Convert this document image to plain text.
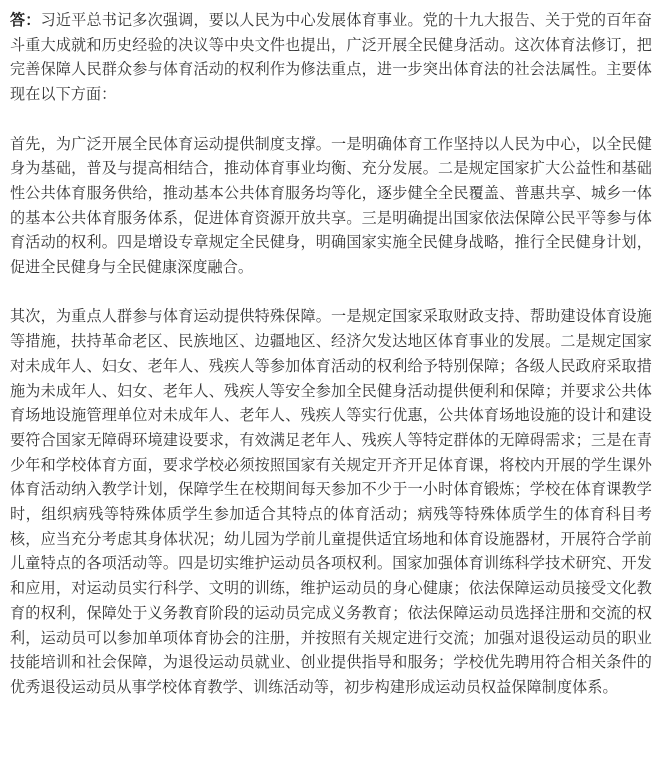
答：习近平总书记多次强调，要以人民为中心发展体育事业。党的十九大报告、关于党的百年奋斗重大成就和历史经验的决议等中央文件也提出，广泛开展全民健身活动。这次体育法修订，把完善保障人民群众参与体育活动的权利作为修法重点，进一步突出体育法的社会法属性。主要体现在以下方面：

首先，为广泛开展全民体育运动提供制度支撑。一是明确体育工作坚持以人民为中心，以全民健身为基础，普及与提高相结合，推动体育事业均衡、充分发展。二是规定国家扩大公益性和基础性公共体育服务供给，推动基本公共体育服务均等化，逐步健全全民覆盖、普惠共享、城乡一体的基本公共体育服务体系，促进体育资源开放共享。三是明确提出国家依法保障公民平等参与体育活动的权利。四是增设专章规定全民健身，明确国家实施全民健身战略，推行全民健身计划，促进全民健身与全民健康深度融合。

其次，为重点人群参与体育运动提供特殊保障。一是规定国家采取财政支持、帮助建设体育设施等措施，扶持革命老区、民族地区、边疆地区、经济欠发达地区体育事业的发展。二是规定国家对未成年人、妇女、老年人、残疾人等参加体育活动的权利给予特别保障；各级人民政府采取措施为未成年人、妇女、老年人、残疾人等安全参加全民健身活动提供便利和保障；并要求公共体育场地设施管理单位对未成年人、老年人、残疾人等实行优惠，公共体育场地设施的设计和建设要符合国家无障碍环境建设要求，有效满足老年人、残疾人等特定群体的无障碍需求；三是在青少年和学校体育方面，要求学校必须按照国家有关规定开齐开足体育课，将校内开展的学生课外体育活动纳入教学计划，保障学生在校期间每天参加不少于一小时体育锻炼；学校在体育课教学时，组织病残等特殊体质学生参加适合其特点的体育活动；病残等特殊体质学生的体育科目考核，应当充分考虑其身体状况；幼儿园为学前儿童提供适宜场地和体育设施器材，开展符合学前儿童特点的各项活动等。四是切实维护运动员各项权利。国家加强体育训练科学技术研究、开发和应用，对运动员实行科学、文明的训练，维护运动员的身心健康；依法保障运动员接受文化教育的权利，保障处于义务教育阶段的运动员完成义务教育；依法保障运动员选择注册和交流的权利，运动员可以参加单项体育协会的注册，并按照有关规定进行交流；加强对退役运动员的职业技能培训和社会保障，为退役运动员就业、创业提供指导和服务；学校优先聘用符合相关条件的优秀退役运动员从事学校体育教学、训练活动等，初步构建形成运动员权益保障制度体系。
